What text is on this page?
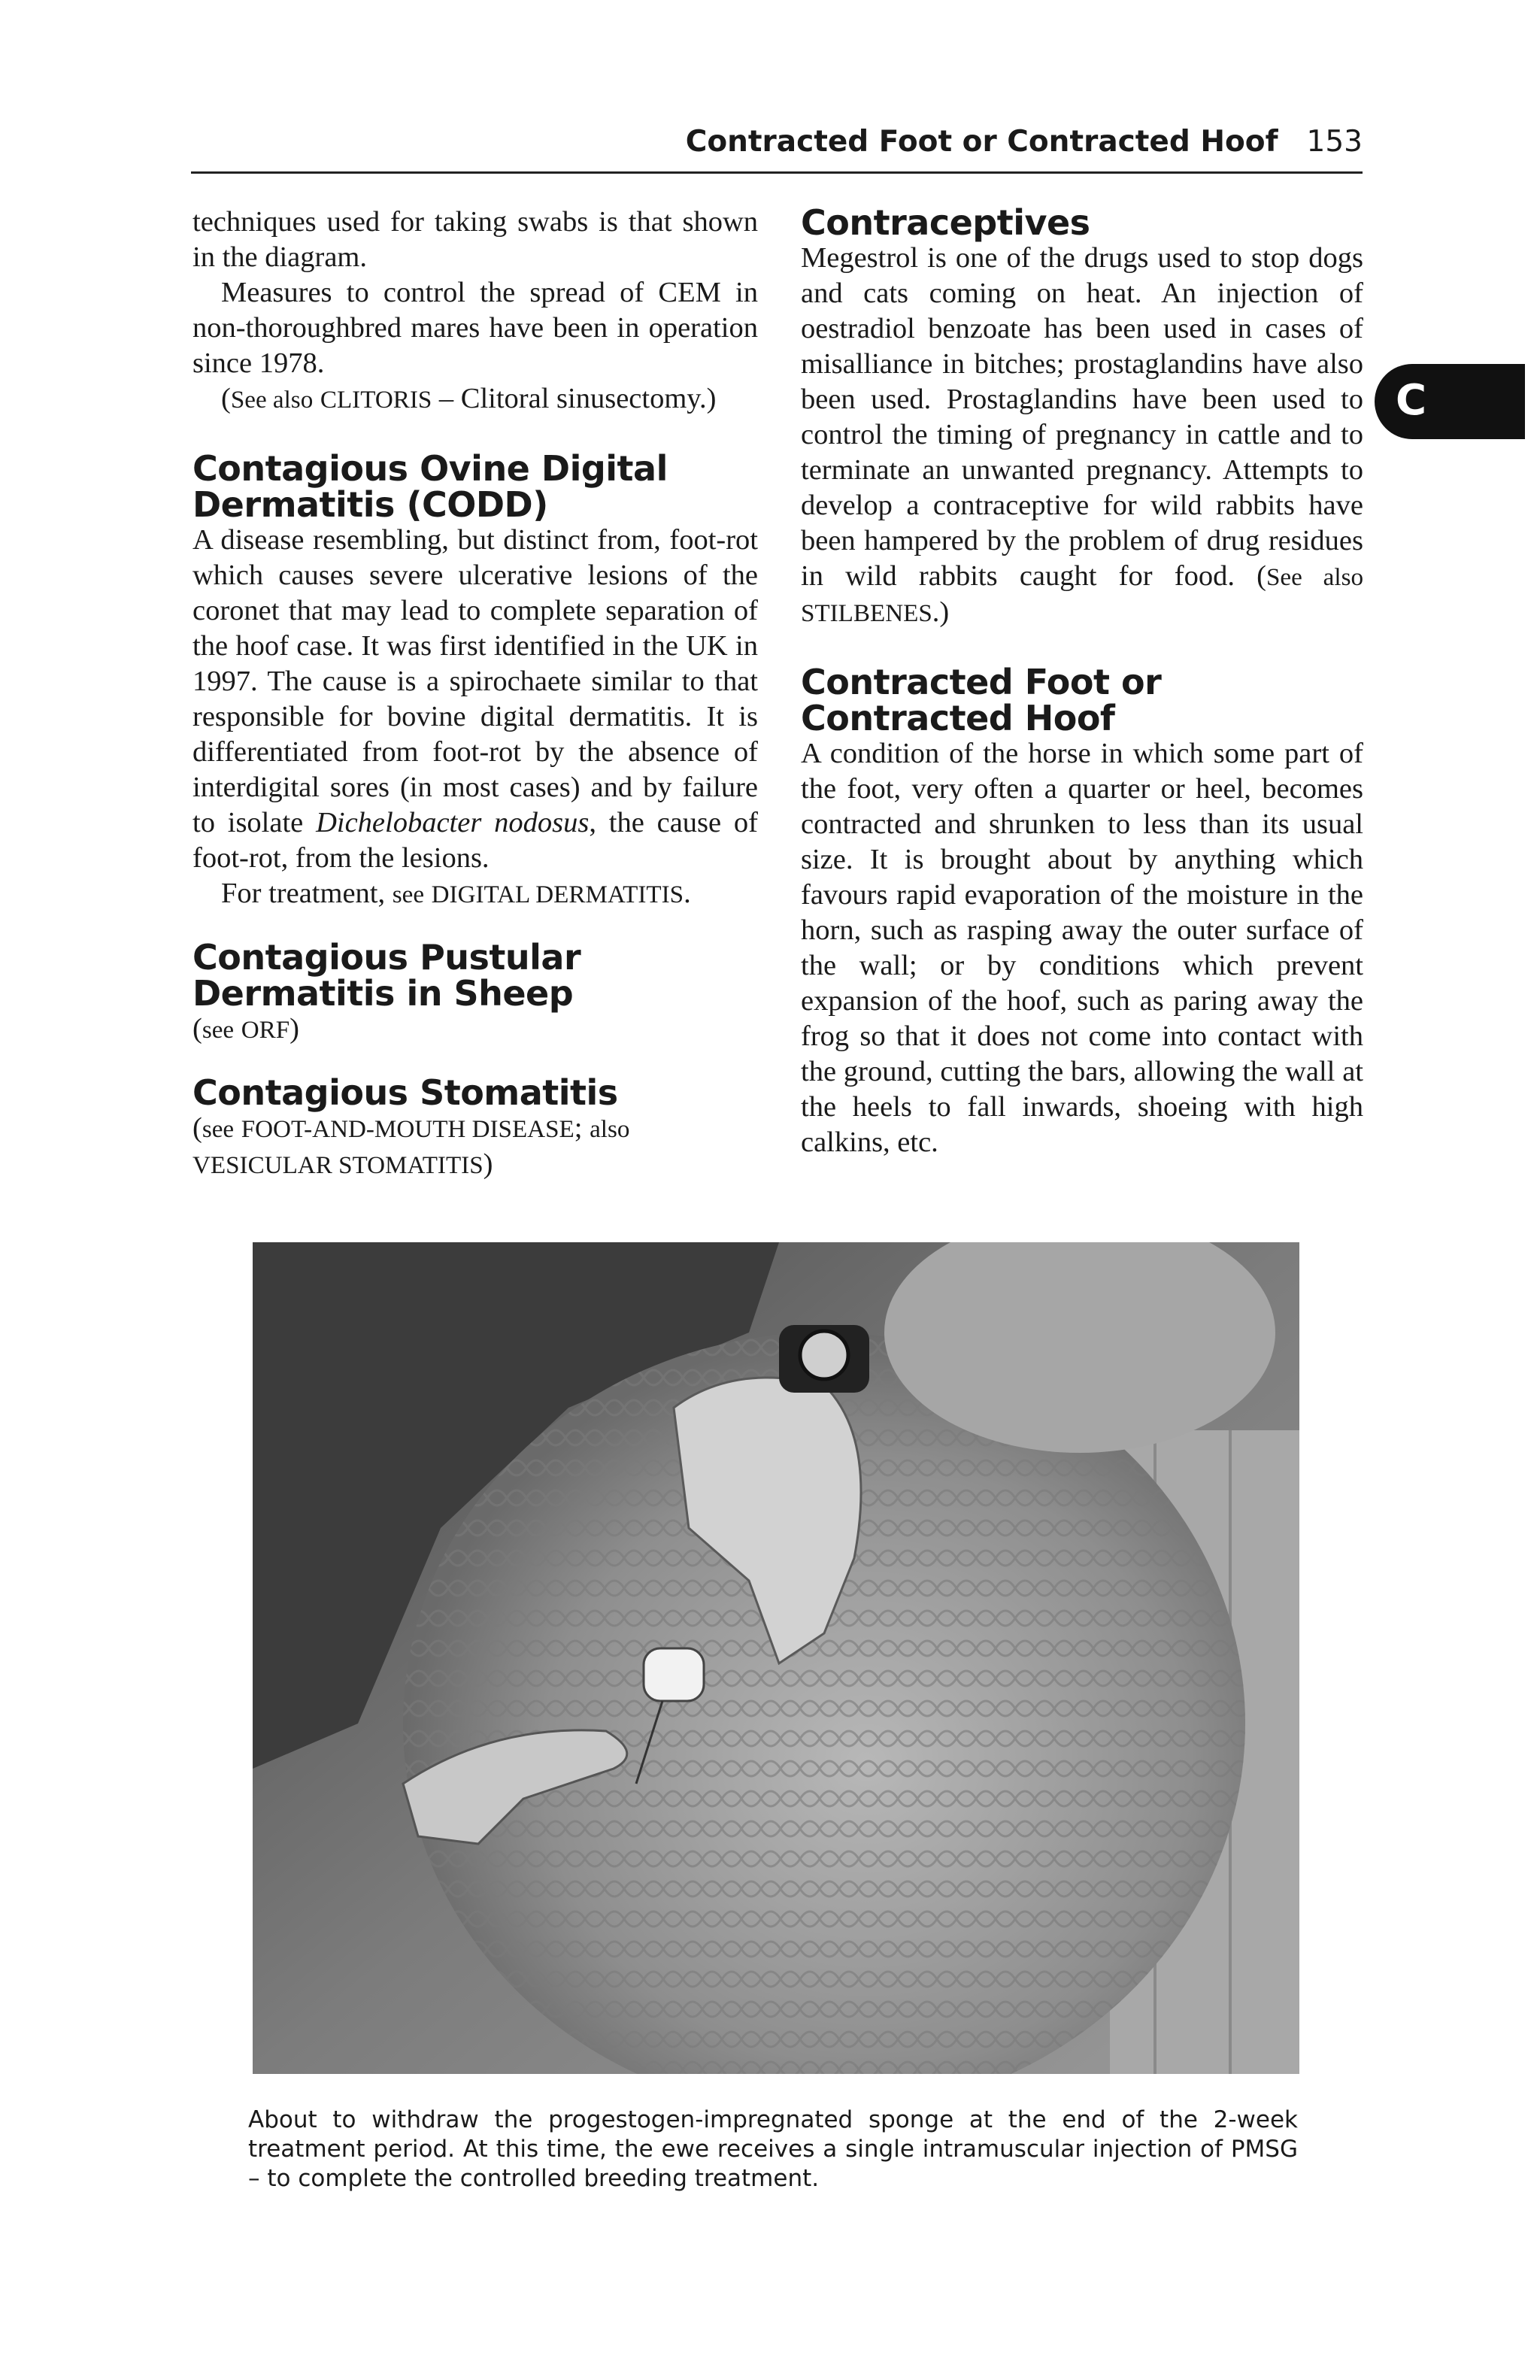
Contracted Foot or Contracted Hoof 153
C

techniques used for taking swabs is that shown in the diagram.

Measures to control the spread of CEM in non-thoroughbred mares have been in operation since 1978.

(See also CLITORIS – Clitoral sinusectomy.)

Contagious Ovine Digital Dermatitis (CODD)

A disease resembling, but distinct from, foot-rot which causes severe ulcerative lesions of the coronet that may lead to complete separation of the hoof case. It was first identified in the UK in 1997. The cause is a spirochaete similar to that responsible for bovine digital dermatitis. It is differentiated from foot-rot by the absence of interdigital sores (in most cases) and by failure to isolate Dichelobacter nodosus, the cause of foot-rot, from the lesions.

For treatment, see DIGITAL DERMATITIS.

Contagious Pustular Dermatitis in Sheep

(see ORF)

Contagious Stomatitis

(see FOOT-AND-MOUTH DISEASE; also VESICULAR STOMATITIS)

Contraceptives

Megestrol is one of the drugs used to stop dogs and cats coming on heat. An injection of oestradiol benzoate has been used in cases of misalliance in bitches; prostaglandins have also been used. Prostaglandins have been used to control the timing of pregnancy in cattle and to terminate an unwanted pregnancy. Attempts to develop a contraceptive for wild rabbits have been hampered by the problem of drug residues in wild rabbits caught for food. (See also STILBENES.)

Contracted Foot or Contracted Hoof

A condition of the horse in which some part of the foot, very often a quarter or heel, becomes contracted and shrunken to less than its usual size. It is brought about by anything which favours rapid evaporation of the moisture in the horn, such as rasping away the outer surface of the wall; or by conditions which prevent expansion of the hoof, such as paring away the frog so that it does not come into contact with the ground, cutting the bars, allowing the wall at the heels to fall inwards, shoeing with high calkins, etc.

About to withdraw the progestogen-impregnated sponge at the end of the 2-week treatment period. At this time, the ewe receives a single intramuscular injection of PMSG – to complete the controlled breeding treatment.
